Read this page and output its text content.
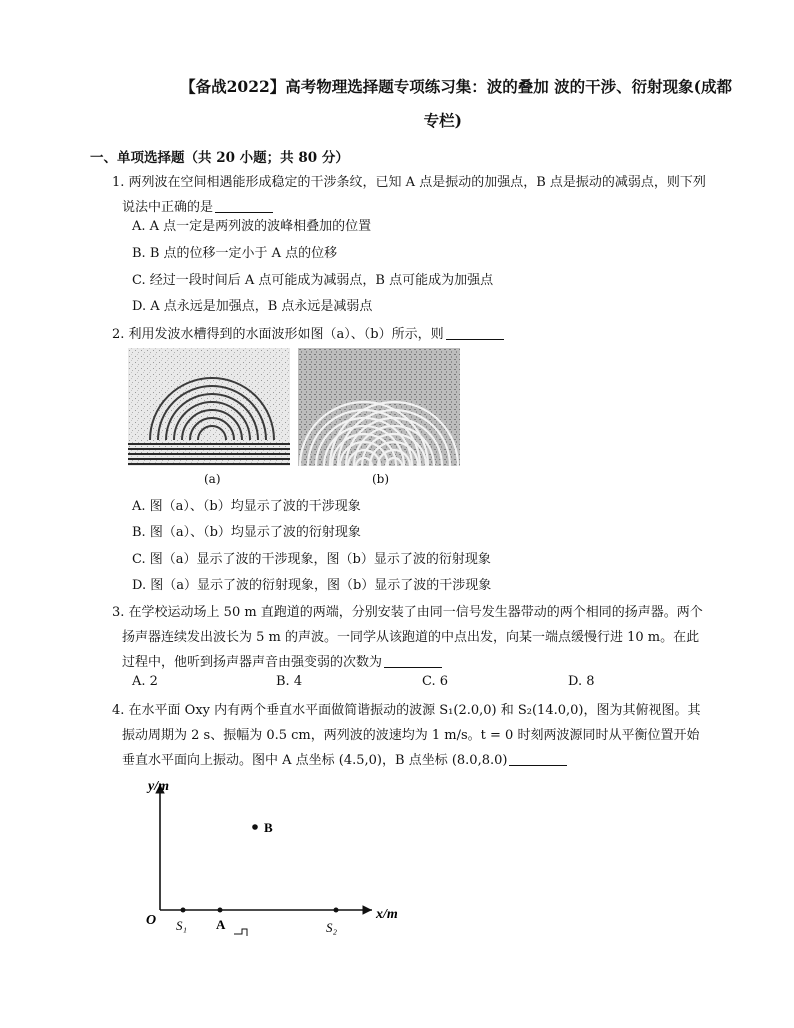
【备战2022】高考物理选择题专项练习集：波的叠加 波的干涉、衍射现象(成都
专栏)
一、单项选择题（共 20 小题；共 80 分）
1. 两列波在空间相遇能形成稳定的干涉条纹，已知 A 点是振动的加强点，B 点是振动的减弱点，则下列说法中正确的是
A. A 点一定是两列波的波峰相叠加的位置
B. B 点的位移一定小于 A 点的位移
C. 经过一段时间后 A 点可能成为减弱点，B 点可能成为加强点
D. A 点永远是加强点，B 点永远是减弱点
2. 利用发波水槽得到的水面波形如图（a）、（b）所示，则
(a)	(b)
A. 图（a）、（b）均显示了波的干涉现象
B. 图（a）、（b）均显示了波的衍射现象
C. 图（a）显示了波的干涉现象，图（b）显示了波的衍射现象
D. 图（a）显示了波的衍射现象，图（b）显示了波的干涉现象
3. 在学校运动场上 50 m 直跑道的两端，分别安装了由同一信号发生器带动的两个相同的扬声器。两个扬声器连续发出波长为 5 m 的声波。一同学从该跑道的中点出发，向某一端点缓慢行进 10 m。在此过程中，他听到扬声器声音由强变弱的次数为
A. 2	B. 4	C. 6	D. 8
4. 在水平面 Oxy 内有两个垂直水平面做简谐振动的波源 S₁(2.0,0) 和 S₂(14.0,0)，图为其俯视图。其振动周期为 2 s、振幅为 0.5 cm，两列波的波速均为 1 m/s。t = 0 时刻两波源同时从平衡位置开始垂直水平面向上振动。图中 A 点坐标 (4.5,0)，B 点坐标 (8.0,8.0)
y/m
x/m
O S₁ A	S₂
B
